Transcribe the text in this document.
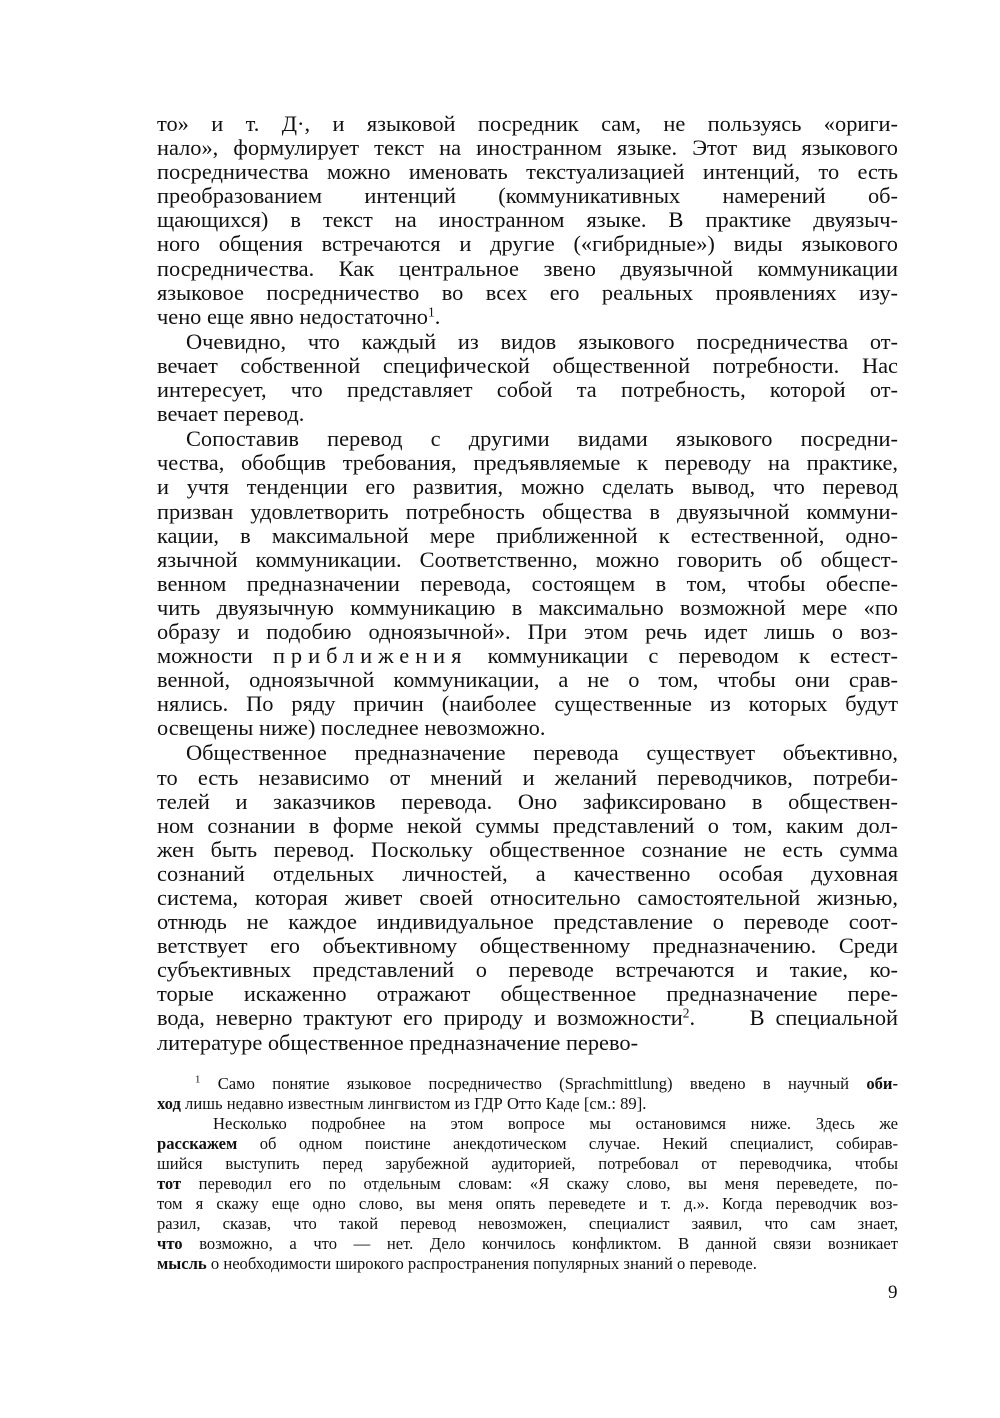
то» и т. Д·, и языковой посредник сам, не пользуясь «ориги-
нало», формулирует текст на иностранном языке. Этот вид языкового
посредничества можно именовать текстуализацией интенций, то есть
преобразованием интенций (коммуникативных намерений об-
щающихся) в текст на иностранном языке. В практике двуязыч-
ного общения встречаются и другие («гибридные») виды языкового
посредничества. Как центральное звено двуязычной коммуникации
языковое посредничество во всех его реальных проявлениях изу-
чено еще явно недостаточно$^1$.

Очевидно, что каждый из видов языкового посредничества от-
вечает собственной специфической общественной потребности. Нас
интересует, что представляет собой та потребность, которой от-
вечает перевод.

Сопоставив перевод с другими видами языкового посредни-
чества, обобщив требования, предъявляемые к переводу на практике,
и учтя тенденции его развития, можно сделать вывод, что перевод
призван удовлетворить потребность общества в двуязычной коммуни-
кации, в максимальной мере приближенной к естественной, одно-
язычной коммуникации. Соответственно, можно говорить об общест-
венном предназначении перевода, состоящем в том, чтобы обеспе-
чить двуязычную коммуникацию в максимально возможной мере «по
образу и подобию одноязычной». При этом речь идет лишь о воз-
можности приближения коммуникации с переводом к естест-
венной, одноязычной коммуникации, а не о том, чтобы они срав-
нялись. По ряду причин (наиболее существенные из которых будут
освещены ниже) последнее невозможно.

Общественное предназначение перевода существует объективно,
то есть независимо от мнений и желаний переводчиков, потреби-
телей и заказчиков перевода. Оно зафиксировано в обществен-
ном сознании в форме некой суммы представлений о том, каким дол-
жен быть перевод. Поскольку общественное сознание не есть сумма
сознаний отдельных личностей, а качественно особая духовная
система, которая живет своей относительно самостоятельной жизнью,
отнюдь не каждое индивидуальное представление о переводе соот-
ветствует его объективному общественному предназначению. Среди
субъективных представлений о переводе встречаются и такие, ко-
торые искаженно отражают общественное предназначение пере-
вода, неверно трактуют его природу и возможности$^2$.     В специальной
литературе общественное предназначение перево-

$^1$ Само понятие языковое посредничество (Sprachmittlung) введено в научный оби-
ход лишь недавно известным лингвистом из ГДР Отто Каде [см.: 89].
Несколько подробнее на этом вопросе мы остановимся ниже. Здесь же
расскажем об одном поистине анекдотическом случае. Некий специалист, собирав-
шийся выступить перед зарубежной аудиторией, потребовал от переводчика, чтобы
тот переводил его по отдельным словам: «Я скажу слово, вы меня переведете, по-
том я скажу еще одно слово, вы меня опять переведете и т. д.». Когда переводчик воз-
разил, сказав, что такой перевод невозможен, специалист заявил, что сам знает,
что возможно, а что — нет. Дело кончилось конфликтом. В данной связи возникает
мысль о необходимости широкого распространения популярных знаний о переводе.
9
